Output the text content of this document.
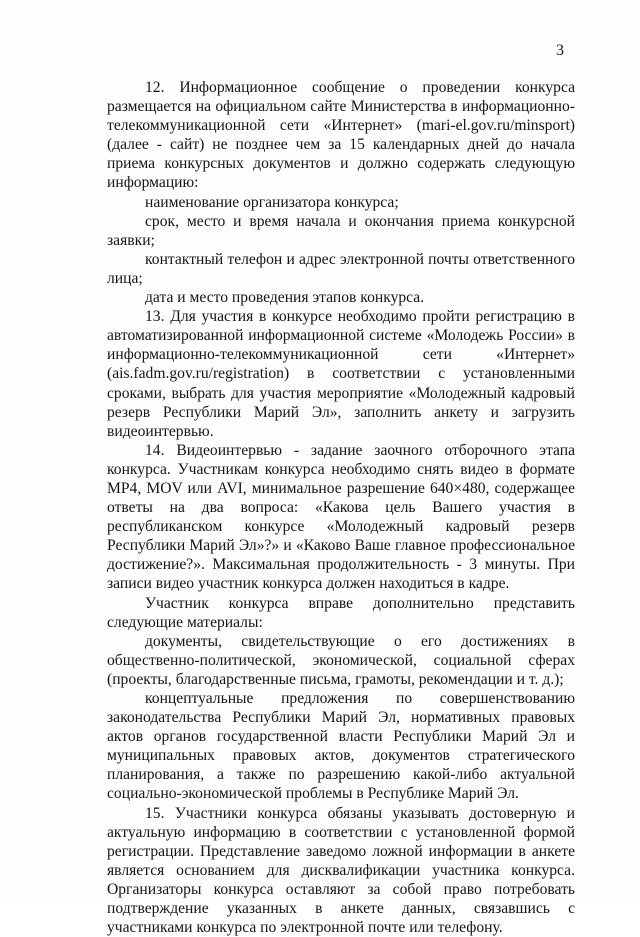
3

12. Информационное сообщение о проведении конкурса размещается на официальном сайте Министерства в информационно-телекоммуникационной сети «Интернет» (mari-el.gov.ru/minsport) (далее - сайт) не позднее чем за 15 календарных дней до начала приема конкурсных документов и должно содержать следующую информацию:

наименование организатора конкурса;

срок, место и время начала и окончания приема конкурсной заявки;

контактный телефон и адрес электронной почты ответственного лица;

дата и место проведения этапов конкурса.

13. Для участия в конкурсе необходимо пройти регистрацию в автоматизированной информационной системе «Молодежь России» в информационно-телекоммуникационной сети «Интернет» (ais.fadm.gov.ru/registration) в соответствии с установленными сроками, выбрать для участия мероприятие «Молодежный кадровый резерв Республики Марий Эл», заполнить анкету и загрузить видеоинтервью.

14. Видеоинтервью - задание заочного отборочного этапа конкурса. Участникам конкурса необходимо снять видео в формате MP4, MOV или AVI, минимальное разрешение 640×480, содержащее ответы на два вопроса: «Какова цель Вашего участия в республиканском конкурсе «Молодежный кадровый резерв Республики Марий Эл»?» и «Каково Ваше главное профессиональное достижение?». Максимальная продолжительность - 3 минуты. При записи видео участник конкурса должен находиться в кадре.

Участник конкурса вправе дополнительно представить следующие материалы:

документы, свидетельствующие о его достижениях в общественно-политической, экономической, социальной сферах (проекты, благодарственные письма, грамоты, рекомендации и т. д.);

концептуальные предложения по совершенствованию законодательства Республики Марий Эл, нормативных правовых актов органов государственной власти Республики Марий Эл и муниципальных правовых актов, документов стратегического планирования, а также по разрешению какой-либо актуальной социально-экономической проблемы в Республике Марий Эл.

15. Участники конкурса обязаны указывать достоверную и актуальную информацию в соответствии с установленной формой регистрации. Представление заведомо ложной информации в анкете является основанием для дисквалификации участника конкурса. Организаторы конкурса оставляют за собой право потребовать подтверждение указанных в анкете данных, связавшись с участниками конкурса по электронной почте или телефону.
